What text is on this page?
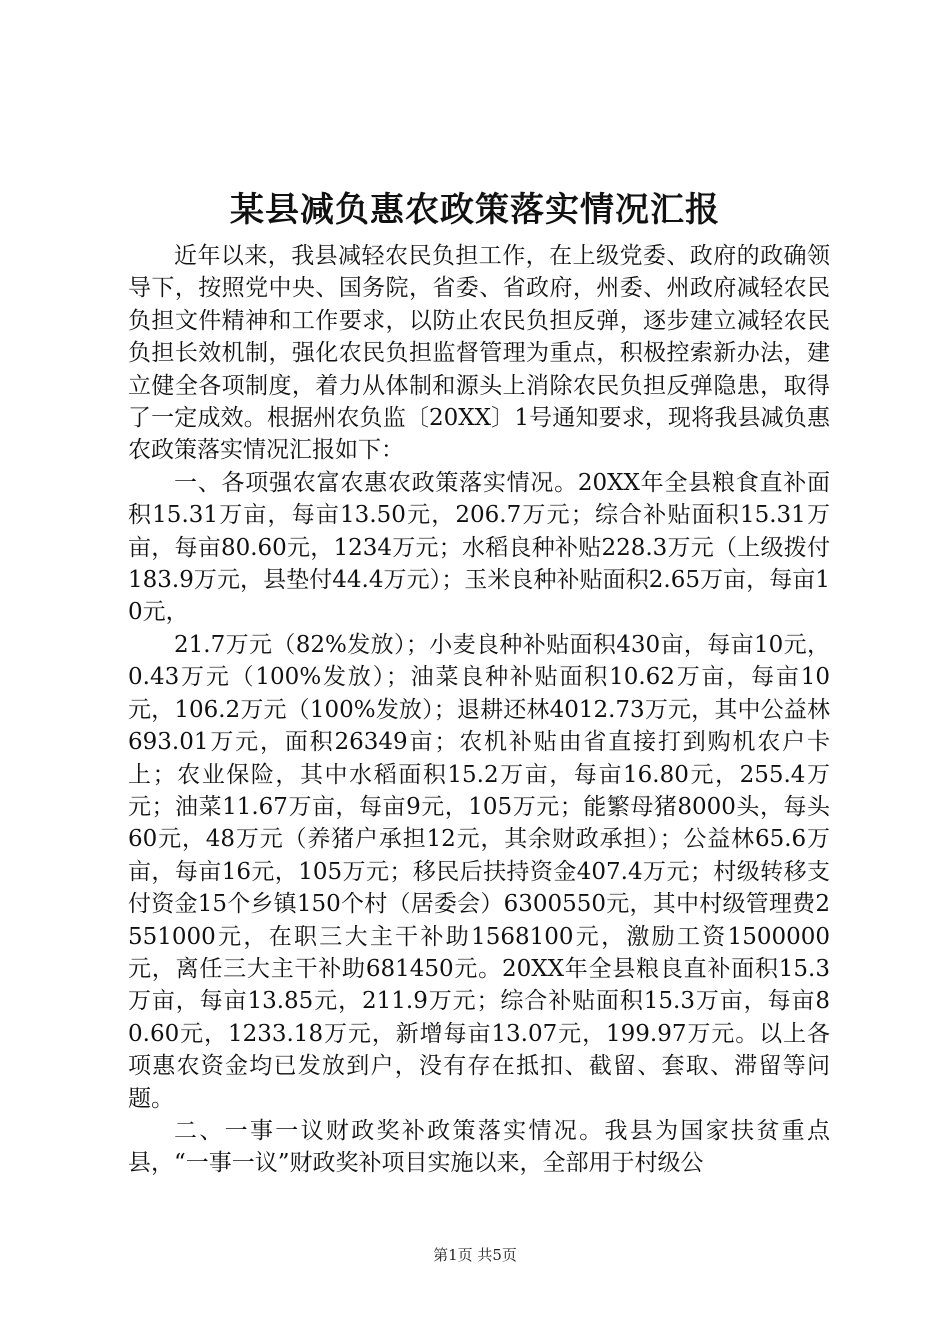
某县减负惠农政策落实情况汇报

近年以来，我县减轻农民负担工作，在上级党委、政府的政确领导下，按照党中央、国务院，省委、省政府，州委、州政府减轻农民负担文件精神和工作要求，以防止农民负担反弹，逐步建立减轻农民负担长效机制，强化农民负担监督管理为重点，积极控索新办法，建立健全各项制度，着力从体制和源头上消除农民负担反弹隐患，取得了一定成效。根据州农负监〔20XX〕1号通知要求，现将我县减负惠农政策落实情况汇报如下：

一、各项强农富农惠农政策落实情况。20XX年全县粮食直补面积15.31万亩，每亩13.50元，206.7万元；综合补贴面积15.31万亩，每亩80.60元，1234万元；水稻良种补贴228.3万元（上级拨付183.9万元，县垫付44.4万元）；玉米良种补贴面积2.65万亩，每亩10元，

21.7万元（82%发放）；小麦良种补贴面积430亩，每亩10元，0.43万元（100%发放）；油菜良种补贴面积10.62万亩，每亩10元，106.2万元（100%发放）；退耕还林4012.73万元，其中公益林693.01万元，面积26349亩；农机补贴由省直接打到购机农户卡上；农业保险，其中水稻面积15.2万亩，每亩16.80元，255.4万元；油菜11.67万亩，每亩9元，105万元；能繁母猪8000头，每头60元，48万元（养猪户承担12元，其余财政承担）；公益林65.6万亩，每亩16元，105万元；移民后扶持资金407.4万元；村级转移支付资金15个乡镇150个村（居委会）6300550元，其中村级管理费2551000元，在职三大主干补助1568100元，激励工资1500000元，离任三大主干补助681450元。20XX年全县粮良直补面积15.3万亩，每亩13.85元，211.9万元；综合补贴面积15.3万亩，每亩80.60元，1233.18万元，新增每亩13.07元，199.97万元。以上各项惠农资金均已发放到户，没有存在抵扣、截留、套取、滞留等问题。

二、一事一议财政奖补政策落实情况。我县为国家扶贫重点县，“一事一议”财政奖补项目实施以来，全部用于村级公

第1页 共5页
